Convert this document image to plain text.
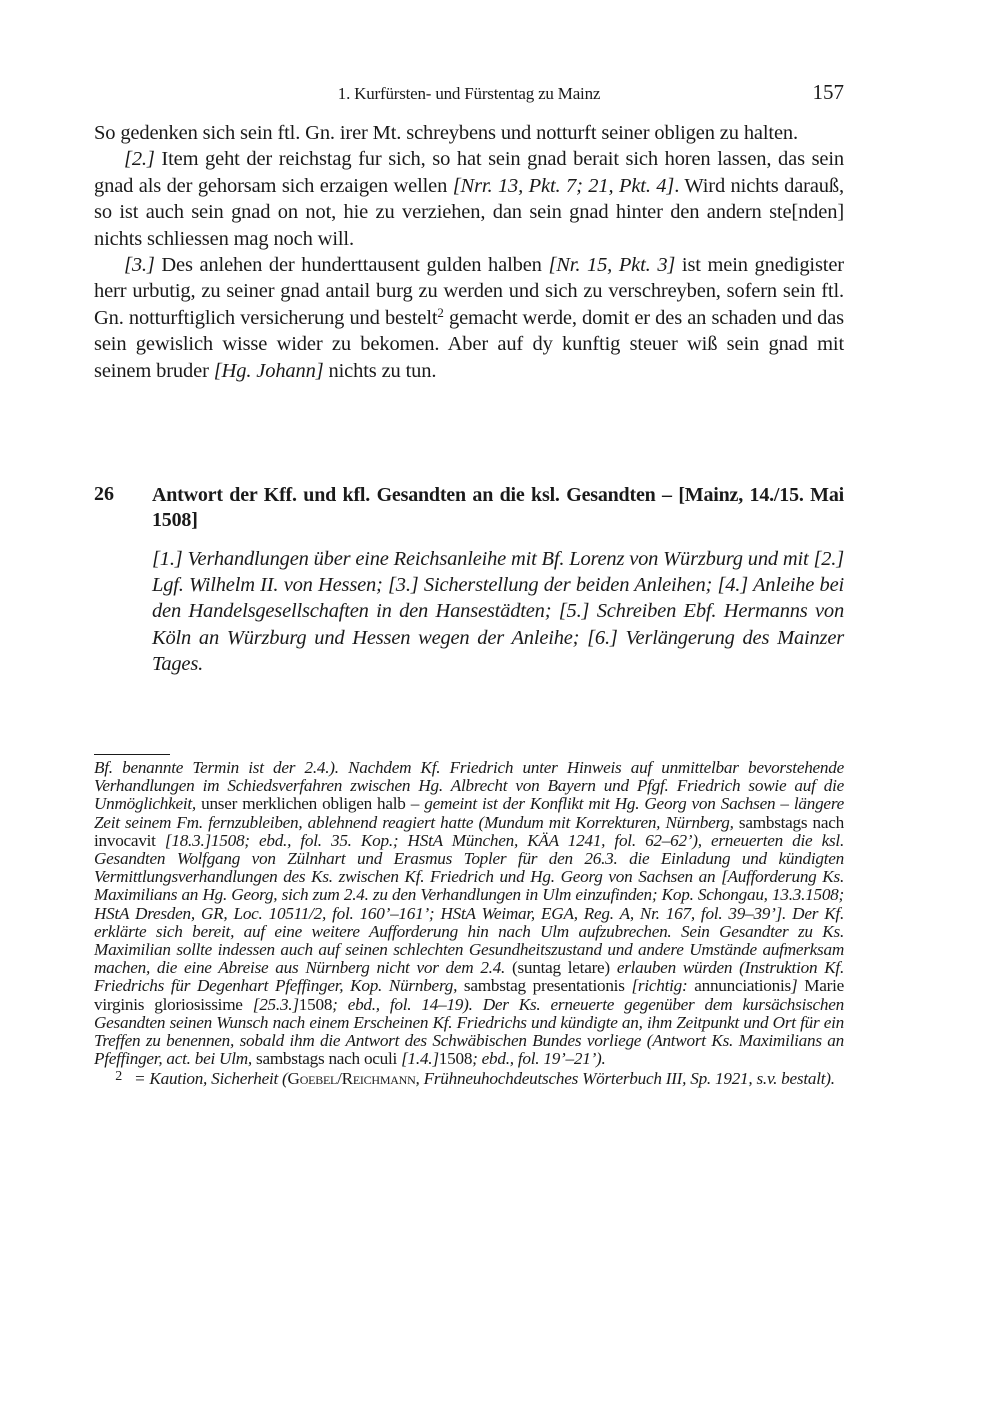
1. Kurfürsten- und Fürstentag zu Mainz	157

So gedenken sich sein ftl. Gn. irer Mt. schreybens und notturft seiner obligen zu halten.

[2.] Item geht der reichstag fur sich, so hat sein gnad berait sich horen lassen, das sein gnad als der gehorsam sich erzaigen wellen [Nrr. 13, Pkt. 7; 21, Pkt. 4]. Wird nichts darauß, so ist auch sein gnad on not, hie zu verziehen, dan sein gnad hinter den andern ste[nden] nichts schliessen mag noch will.

[3.] Des anlehen der hunderttausent gulden halben [Nr. 15, Pkt. 3] ist mein gnedigister herr urbutig, zu seiner gnad antail burg zu werden und sich zu verschreyben, sofern sein ftl. Gn. notturftiglich versicherung und bestelt$^2$ gemacht werde, domit er des an schaden und das sein gewislich wisse wider zu bekomen. Aber auf dy kunftig steuer wiß sein gnad mit seinem bruder [Hg. Johann] nichts zu tun.

26 Antwort der Kff. und kfl. Gesandten an die ksl. Gesandten – [Mainz, 14./15. Mai 1508]
[1.] Verhandlungen über eine Reichsanleihe mit Bf. Lorenz von Würzburg und mit [2.] Lgf. Wilhelm II. von Hessen; [3.] Sicherstellung der beiden Anleihen; [4.] Anleihe bei den Handelsgesellschaften in den Hansestädten; [5.] Schreiben Ebf. Hermanns von Köln an Würzburg und Hessen wegen der Anleihe; [6.] Verlängerung des Mainzer Tages.

Bf. benannte Termin ist der 2.4.). Nachdem Kf. Friedrich unter Hinweis auf unmittelbar bevorstehende Verhandlungen im Schiedsverfahren zwischen Hg. Albrecht von Bayern und Pfgf. Friedrich sowie auf die Unmöglichkeit, unser merklichen obligen halb – gemeint ist der Konflikt mit Hg. Georg von Sachsen – längere Zeit seinem Fm. fernzubleiben, ablehnend reagiert hatte (Mundum mit Korrekturen, Nürnberg, sambstags nach invocavit [18.3.]1508; ebd., fol. 35. Kop.; HStA München, KÄA 1241, fol. 62–62’), erneuerten die ksl. Gesandten Wolfgang von Zülnhart und Erasmus Topler für den 26.3. die Einladung und kündigten Vermittlungsverhandlungen des Ks. zwischen Kf. Friedrich und Hg. Georg von Sachsen an [Aufforderung Ks. Maximilians an Hg. Georg, sich zum 2.4. zu den Verhandlungen in Ulm einzufinden; Kop. Schongau, 13.3.1508; HStA Dresden, GR, Loc. 10511/2, fol. 160’–161’; HStA Weimar, EGA, Reg. A, Nr. 167, fol. 39–39’]. Der Kf. erklärte sich bereit, auf eine weitere Aufforderung hin nach Ulm aufzubrechen. Sein Gesandter zu Ks. Maximilian sollte indessen auch auf seinen schlechten Gesundheitszustand und andere Umstände aufmerksam machen, die eine Abreise aus Nürnberg nicht vor dem 2.4. (suntag letare) erlauben würden (Instruktion Kf. Friedrichs für Degenhart Pfeffinger, Kop. Nürnberg, sambstag presentationis [richtig: annunciationis] Marie virginis gloriosissime [25.3.]1508; ebd., fol. 14–19). Der Ks. erneuerte gegenüber dem kursächsischen Gesandten seinen Wunsch nach einem Erscheinen Kf. Friedrichs und kündigte an, ihm Zeitpunkt und Ort für ein Treffen zu benennen, sobald ihm die Antwort des Schwäbischen Bundes vorliege (Antwort Ks. Maximilians an Pfeffinger, act. bei Ulm, sambstags nach oculi [1.4.]1508; ebd., fol. 19’–21’).

2 = Kaution, Sicherheit (Goebel/Reichmann, Frühneuhochdeutsches Wörterbuch III, Sp. 1921, s.v. bestalt).
